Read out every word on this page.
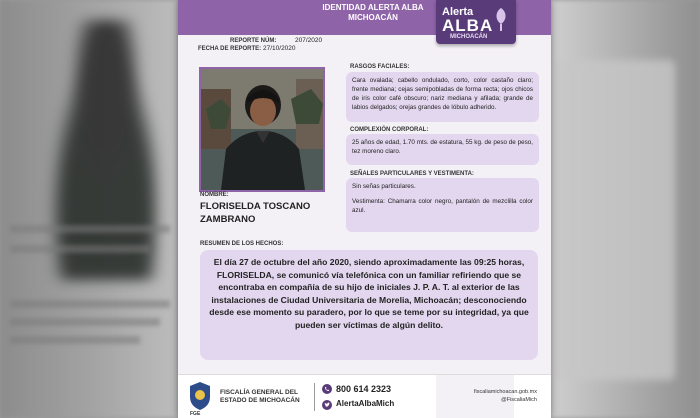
IDENTIDAD ALERTA ALBA
MICHOACÁN	Alerta
ALBA
MICHOACÁN
REPORTE NÚM:	207/2020
FECHA DE REPORTE: 27/10/2020
NOMBRE:
FLORISELDA TOSCANO ZAMBRANO
RASGOS FACIALES:
Cara ovalada; cabello ondulado, corto, color castaño claro; frente mediana; cejas semipobladas de forma recta; ojos chicos de iris color café obscuro; nariz mediana y afilada; grande de labios delgados; orejas grandes de lóbulo adherido.
COMPLEXIÓN CORPORAL:
25 años de edad, 1.70 mts. de estatura, 55 kg. de peso de peso, tez moreno claro.
SEÑALES PARTICULARES Y VESTIMENTA:
Sin señas particulares.
Vestimenta: Chamarra color negro, pantalón de mezclilla color azul.
RESUMEN DE LOS HECHOS:
El día 27 de octubre del año 2020, siendo aproximadamente las 09:25 horas, FLORISELDA, se comunicó vía telefónica con un familiar refiriendo que se encontraba en compañía de su hijo de iniciales J. P. A. T. al exterior de las instalaciones de Ciudad Universitaria de Morelia, Michoacán; desconociendo desde ese momento su paradero, por lo que se teme por su integridad, ya que pueden ser víctimas de algún delito.
FGE
FISCALÍA GENERAL DEL
ESTADO DE MICHOACÁN
800 614 2323
AlertaAlbaMich
fiscaliamichoacan.gob.mx
@FiscaliaMich
